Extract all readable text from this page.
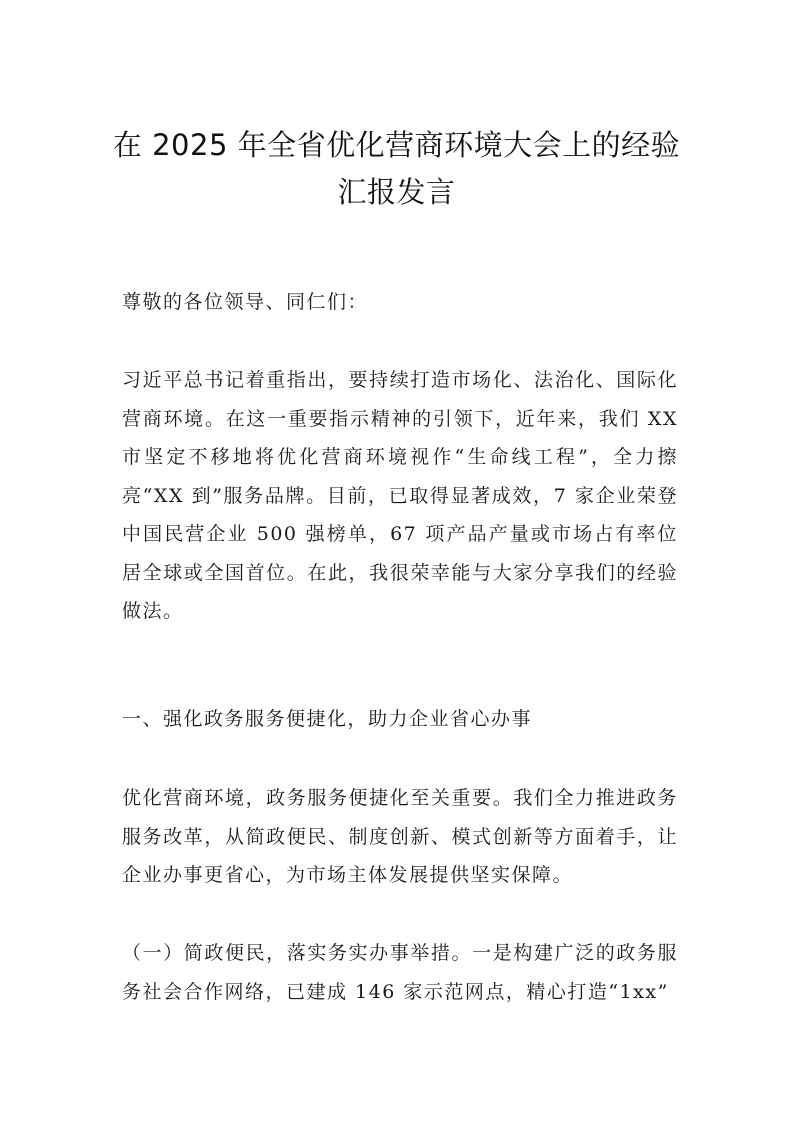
在 2025 年全省优化营商环境大会上的经验
汇报发言

尊敬的各位领导、同仁们：

习近平总书记着重指出，要持续打造市场化、法治化、国际化营商环境。在这一重要指示精神的引领下，近年来，我们 XX 市坚定不移地将优化营商环境视作“生命线工程”，全力擦亮“XX 到”服务品牌。目前，已取得显著成效，7 家企业荣登中国民营企业 500 强榜单，67 项产品产量或市场占有率位居全球或全国首位。在此，我很荣幸能与大家分享我们的经验做法。

一、强化政务服务便捷化，助力企业省心办事

优化营商环境，政务服务便捷化至关重要。我们全力推进政务服务改革，从简政便民、制度创新、模式创新等方面着手，让企业办事更省心，为市场主体发展提供坚实保障。

（一）简政便民，落实务实办事举措。一是构建广泛的政务服务社会合作网络，已建成 146 家示范网点，精心打造“1xx”
